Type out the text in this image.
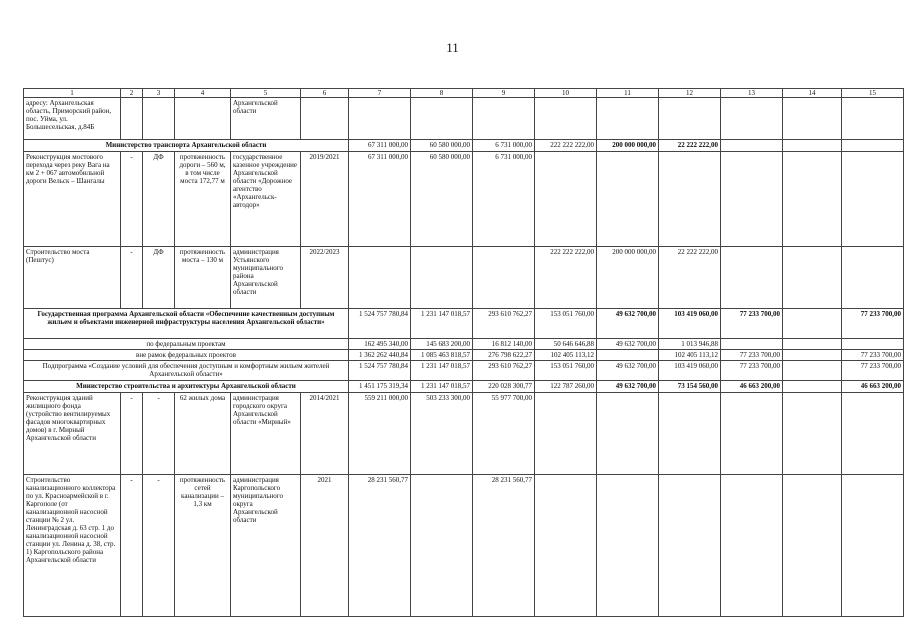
11
1	2	3	4	5	6	7	8	9	10	11	12	13	14	15
адресу: Архангельская область, Приморский район, пос. Уйма, ул. Большесельская, д.84Б				Архангельской области										
Министерство транспорта Архангельской области						67 311 000,00	60 580 000,00	6 731 000,00	222 222 222,00	200 000 000,00	22 222 222,00			
Реконструкция мостового перехода через реку Вага на км 2 + 067 автомобильной дороги Вельск – Шангалы	-	ДФ	протяженность дороги – 560 м, в том числе моста 172,77 м	государственное казенное учреждение Архангельской области «Дорожное агентство «Архангельск-автодор»	2019/2021	67 311 000,00	60 580 000,00	6 731 000,00						
Строительство моста (Пештус)	-	ДФ	протяженность моста – 130 м	администрация Устьянского муниципального района Архангельской области	2022/2023				222 222 222,00	200 000 000,00	22 222 222,00			
Государственная программа Архангельской области «Обеспечение качественным доступным жильем и объектами инженерной инфраструктуры населения Архангельской области»						1 524 757 780,84	1 231 147 018,57	293 610 762,27	153 051 760,00	49 632 700,00	103 419 060,00	77 233 700,00		77 233 700,00
по федеральным проектам						162 495 340,00	145 683 200,00	16 812 140,00	50 646 646,88	49 632 700,00	1 013 946,88			
вне рамок федеральных проектов						1 362 262 440,84	1 085 463 818,57	276 798 622,27	102 405 113,12		102 405 113,12	77 233 700,00		77 233 700,00
Подпрограмма «Создание условий для обеспечения доступным и комфортным жильем жителей Архангельской области»						1 524 757 780,84	1 231 147 018,57	293 610 762,27	153 051 760,00	49 632 700,00	103 419 060,00	77 233 700,00		77 233 700,00
Министерство строительства и архитектуры Архангельской области						1 451 175 319,34	1 231 147 018,57	220 028 300,77	122 787 260,00	49 632 700,00	73 154 560,00	46 663 200,00		46 663 200,00
Реконструкция зданий жилищного фонда (устройство вентилируемых фасадов многоквартирных домов) в г. Мирный Архангельской области	-	-	62 жилых дома	администрация городского округа Архангельской области «Мирный»	2014/2021	559 211 000,00	503 233 300,00	55 977 700,00						
Строительство канализационного коллектора по ул. Красноармейской в г. Каргополе (от канализационной насосной станции № 2 ул. Ленинградская д. 63 стр. 1 до канализационной насосной станции ул. Ленина д. 38, стр. 1) Каргопольского района Архангельской области	-	-	протяженность сетей канализации – 1,3 км	администрация Каргопольского муниципального округа Архангельской области	2021	28 231 560,77		28 231 560,77						
